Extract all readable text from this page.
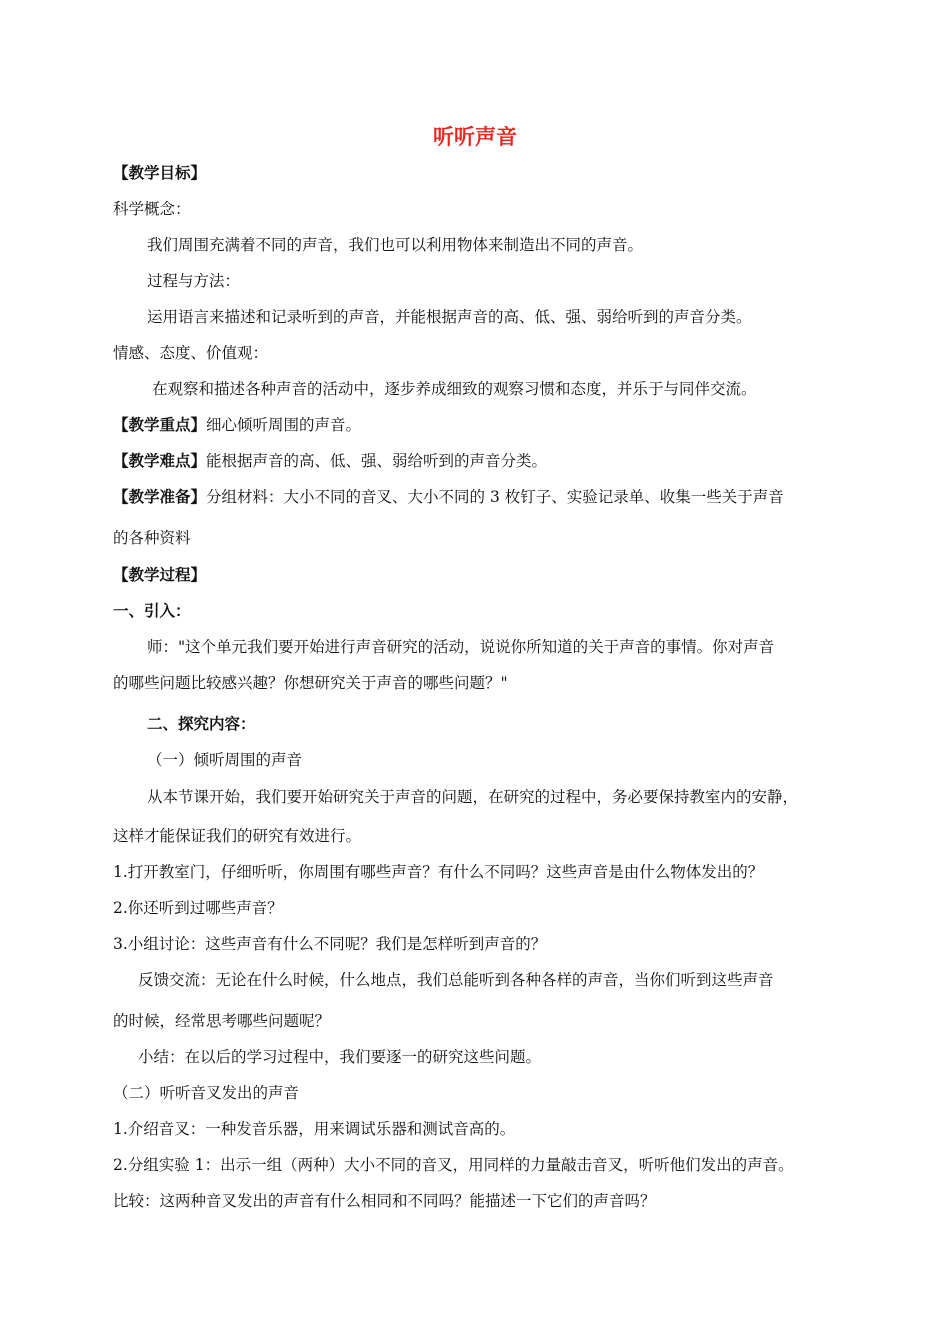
听听声音
【教学目标】
科学概念：
我们周围充满着不同的声音，我们也可以利用物体来制造出不同的声音。
过程与方法：
运用语言来描述和记录听到的声音，并能根据声音的高、低、强、弱给听到的声音分类。
情感、态度、价值观：
在观察和描述各种声音的活动中，逐步养成细致的观察习惯和态度，并乐于与同伴交流。
【教学重点】细心倾听周围的声音。
【教学难点】能根据声音的高、低、强、弱给听到的声音分类。
【教学准备】分组材料：大小不同的音叉、大小不同的 3 枚钉子、实验记录单、收集一些关于声音
的各种资料
【教学过程】
一、引入：
师："这个单元我们要开始进行声音研究的活动，说说你所知道的关于声音的事情。你对声音
的哪些问题比较感兴趣？你想研究关于声音的哪些问题？"
二、探究内容：
（一）倾听周围的声音
从本节课开始，我们要开始研究关于声音的问题，在研究的过程中，务必要保持教室内的安静，
这样才能保证我们的研究有效进行。
1.打开教室门，仔细听听，你周围有哪些声音？有什么不同吗？这些声音是由什么物体发出的？
2.你还听到过哪些声音？
3.小组讨论：这些声音有什么不同呢？我们是怎样听到声音的？
反馈交流：无论在什么时候，什么地点，我们总能听到各种各样的声音，当你们听到这些声音
的时候，经常思考哪些问题呢？
小结：在以后的学习过程中，我们要逐一的研究这些问题。
（二）听听音叉发出的声音
1.介绍音叉：一种发音乐器，用来调试乐器和测试音高的。
2.分组实验 1：出示一组（两种）大小不同的音叉，用同样的力量敲击音叉，听听他们发出的声音。
比较：这两种音叉发出的声音有什么相同和不同吗？能描述一下它们的声音吗？
